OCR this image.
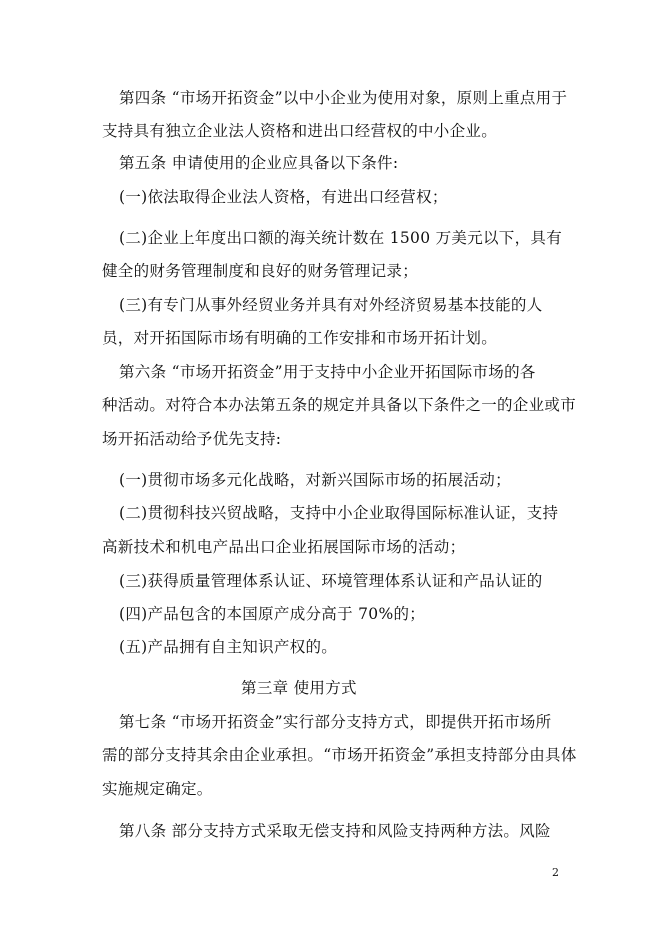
第四条 “市场开拓资金”以中小企业为使用对象，原则上重点用于
支持具有独立企业法人资格和进出口经营权的中小企业。
第五条 申请使用的企业应具备以下条件:
(一)依法取得企业法人资格，有进出口经营权；
(二)企业上年度出口额的海关统计数在 1500 万美元以下，具有
健全的财务管理制度和良好的财务管理记录；
(三)有专门从事外经贸业务并具有对外经济贸易基本技能的人
员，对开拓国际市场有明确的工作安排和市场开拓计划。
第六条 “市场开拓资金”用于支持中小企业开拓国际市场的各
种活动。对符合本办法第五条的规定并具备以下条件之一的企业或市
场开拓活动给予优先支持:
(一)贯彻市场多元化战略，对新兴国际市场的拓展活动；
(二)贯彻科技兴贸战略，支持中小企业取得国际标准认证，支持
高新技术和机电产品出口企业拓展国际市场的活动；
(三)获得质量管理体系认证、环境管理体系认证和产品认证的
(四)产品包含的本国原产成分高于 70%的；
(五)产品拥有自主知识产权的。
第三章 使用方式
第七条 “市场开拓资金”实行部分支持方式，即提供开拓市场所
需的部分支持其余由企业承担。“市场开拓资金”承担支持部分由具体
实施规定确定。
第八条 部分支持方式采取无偿支持和风险支持两种方法。风险
2
